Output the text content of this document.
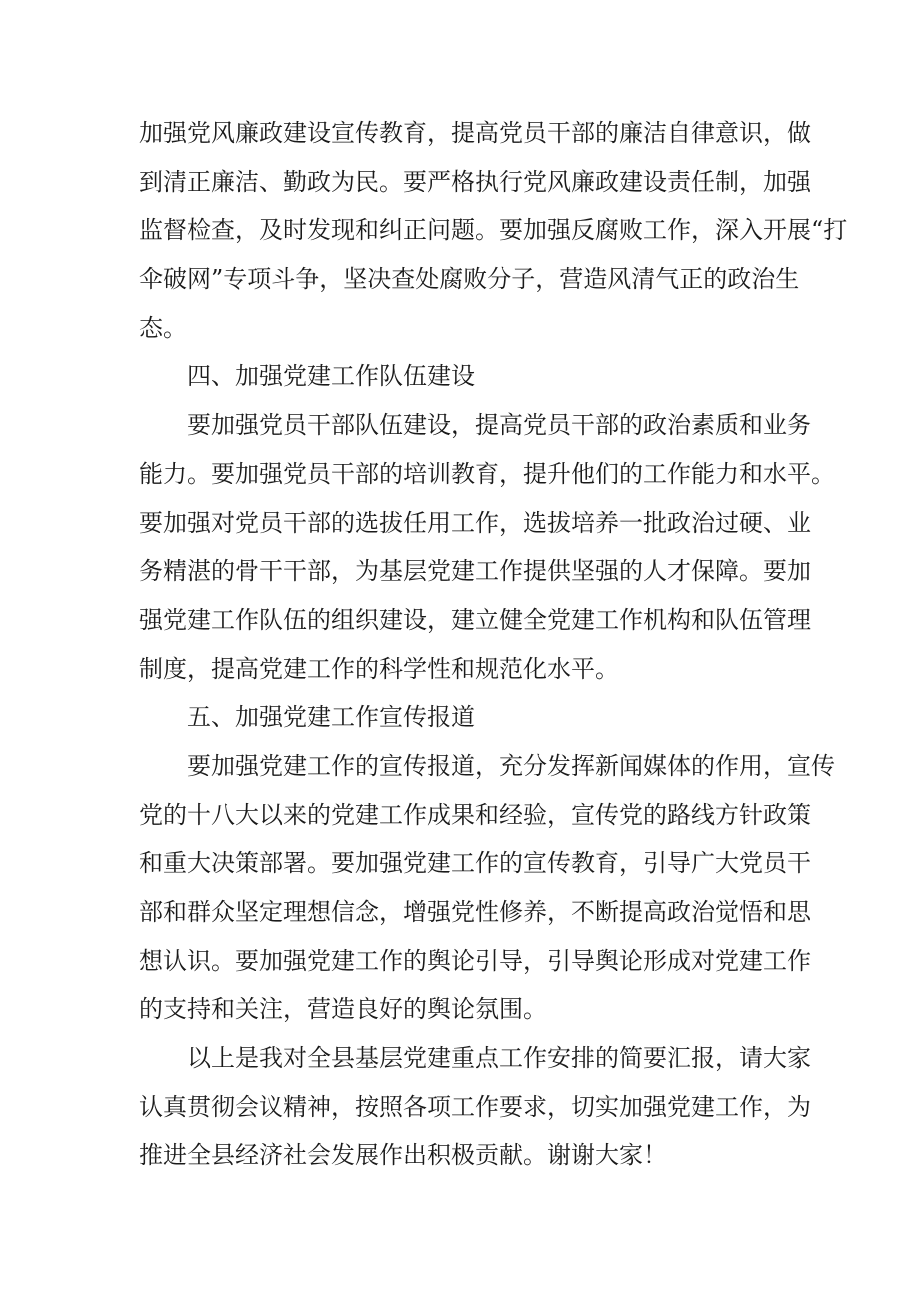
加强党风廉政建设宣传教育，提高党员干部的廉洁自律意识，做
到清正廉洁、勤政为民。要严格执行党风廉政建设责任制，加强
监督检查，及时发现和纠正问题。要加强反腐败工作，深入开展“打
伞破网”专项斗争，坚决查处腐败分子，营造风清气正的政治生
态。
四、加强党建工作队伍建设
要加强党员干部队伍建设，提高党员干部的政治素质和业务
能力。要加强党员干部的培训教育，提升他们的工作能力和水平。
要加强对党员干部的选拔任用工作，选拔培养一批政治过硬、业
务精湛的骨干干部，为基层党建工作提供坚强的人才保障。要加
强党建工作队伍的组织建设，建立健全党建工作机构和队伍管理
制度，提高党建工作的科学性和规范化水平。
五、加强党建工作宣传报道
要加强党建工作的宣传报道，充分发挥新闻媒体的作用，宣传
党的十八大以来的党建工作成果和经验，宣传党的路线方针政策
和重大决策部署。要加强党建工作的宣传教育，引导广大党员干
部和群众坚定理想信念，增强党性修养，不断提高政治觉悟和思
想认识。要加强党建工作的舆论引导，引导舆论形成对党建工作
的支持和关注，营造良好的舆论氛围。
以上是我对全县基层党建重点工作安排的简要汇报，请大家
认真贯彻会议精神，按照各项工作要求，切实加强党建工作，为
推进全县经济社会发展作出积极贡献。谢谢大家！
